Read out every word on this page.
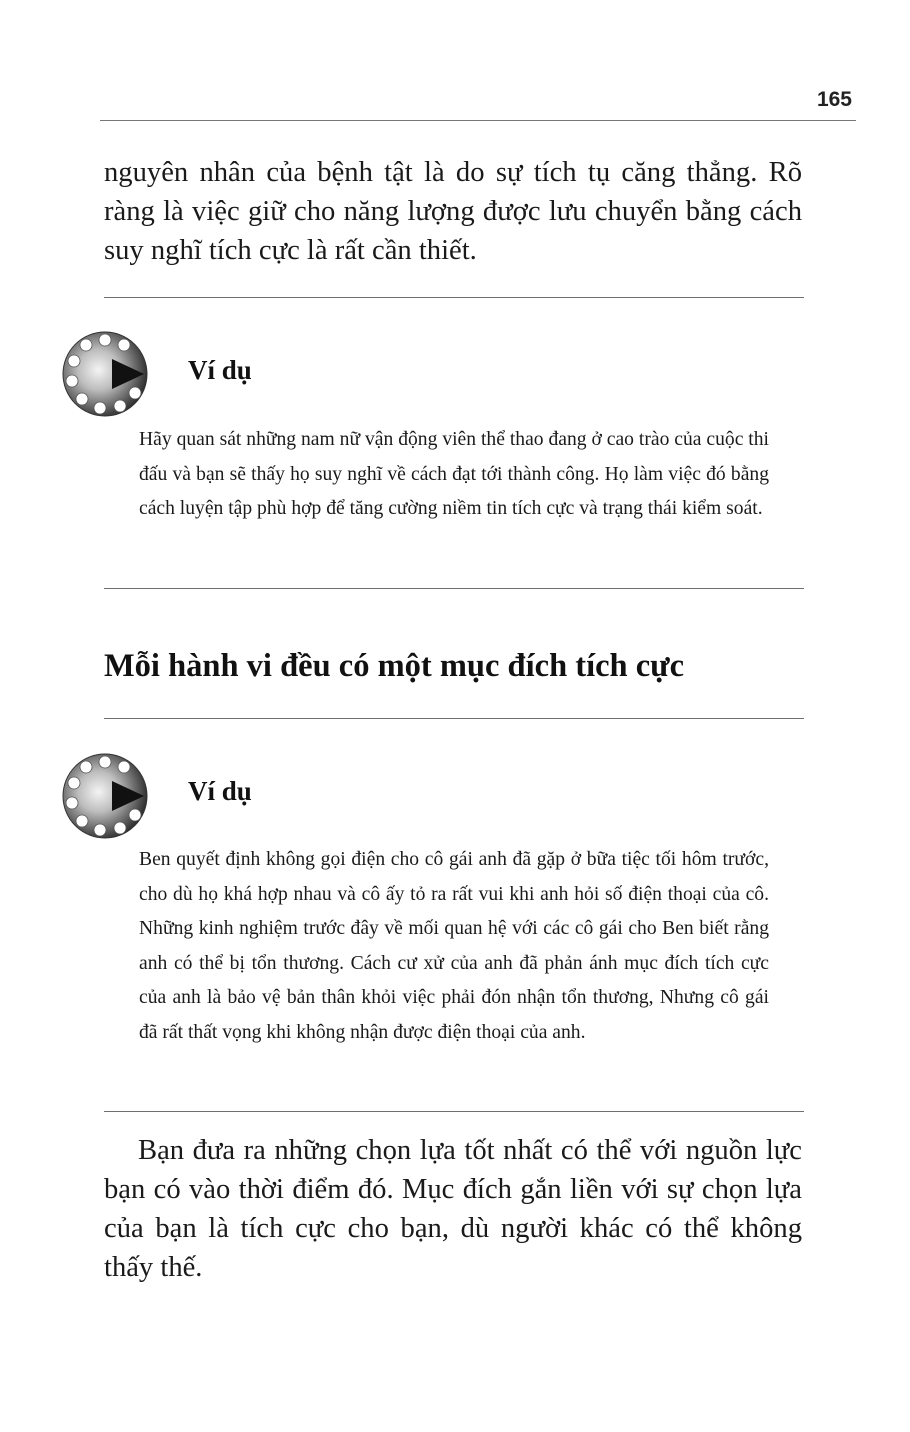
165

nguyên nhân của bệnh tật là do sự tích tụ căng thẳng. Rõ ràng là việc giữ cho năng lượng được lưu chuyển bằng cách suy nghĩ tích cực là rất cần thiết.

Ví dụ

Hãy quan sát những nam nữ vận động viên thể thao đang ở cao trào của cuộc thi đấu và bạn sẽ thấy họ suy nghĩ về cách đạt tới thành công. Họ làm việc đó bằng cách luyện tập phù hợp để tăng cường niềm tin tích cực và trạng thái kiểm soát.

Mỗi hành vi đều có một mục đích tích cực
Ví dụ

Ben quyết định không gọi điện cho cô gái anh đã gặp ở bữa tiệc tối hôm trước, cho dù họ khá hợp nhau và cô ấy tỏ ra rất vui khi anh hỏi số điện thoại của cô. Những kinh nghiệm trước đây về mối quan hệ với các cô gái cho Ben biết rằng anh có thể bị tổn thương. Cách cư xử của anh đã phản ánh mục đích tích cực của anh là bảo vệ bản thân khỏi việc phải đón nhận tổn thương, Nhưng cô gái đã rất thất vọng khi không nhận được điện thoại của anh.

Bạn đưa ra những chọn lựa tốt nhất có thể với nguồn lực bạn có vào thời điểm đó. Mục đích gắn liền với sự chọn lựa của bạn là tích cực cho bạn, dù người khác có thể không thấy thế.
